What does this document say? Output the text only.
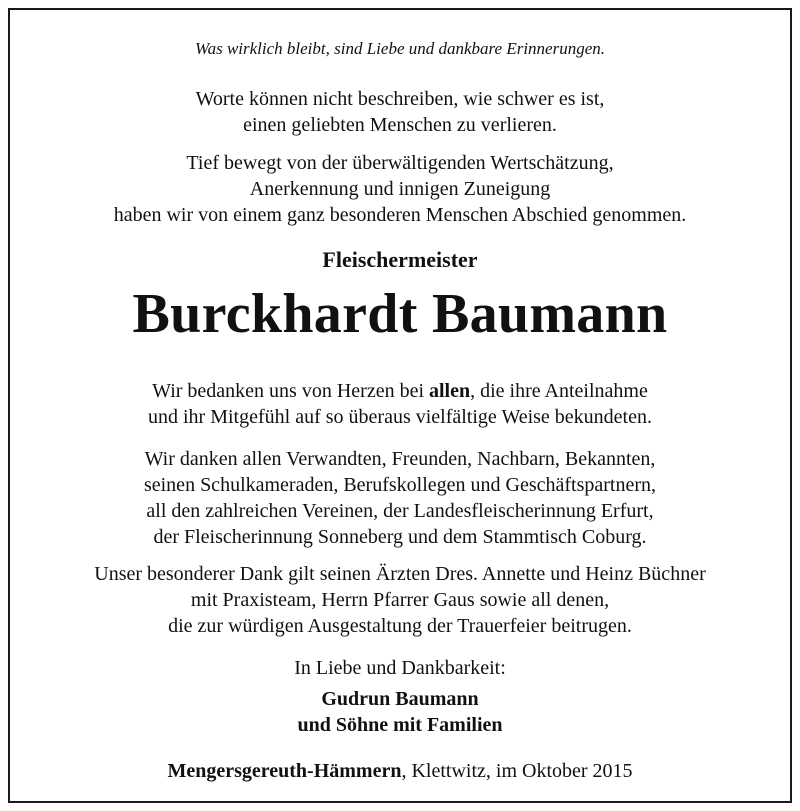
Was wirklich bleibt, sind Liebe und dankbare Erinnerungen.
Worte können nicht beschreiben, wie schwer es ist,
einen geliebten Menschen zu verlieren.
Tief bewegt von der überwältigenden Wertschätzung,
Anerkennung und innigen Zuneigung
haben wir von einem ganz besonderen Menschen Abschied genommen.
Fleischermeister
Burckhardt Baumann
Wir bedanken uns von Herzen bei allen, die ihre Anteilnahme
und ihr Mitgefühl auf so überaus vielfältige Weise bekundeten.
Wir danken allen Verwandten, Freunden, Nachbarn, Bekannten,
seinen Schulkameraden, Berufskollegen und Geschäftspartnern,
all den zahlreichen Vereinen, der Landesfleischerinnung Erfurt,
der Fleischerinnung Sonneberg und dem Stammtisch Coburg.
Unser besonderer Dank gilt seinen Ärzten Dres. Annette und Heinz Büchner
mit Praxisteam, Herrn Pfarrer Gaus sowie all denen,
die zur würdigen Ausgestaltung der Trauerfeier beitrugen.
In Liebe und Dankbarkeit:
Gudrun Baumann
und Söhne mit Familien
Mengersgereuth-Hämmern, Klettwitz, im Oktober 2015
